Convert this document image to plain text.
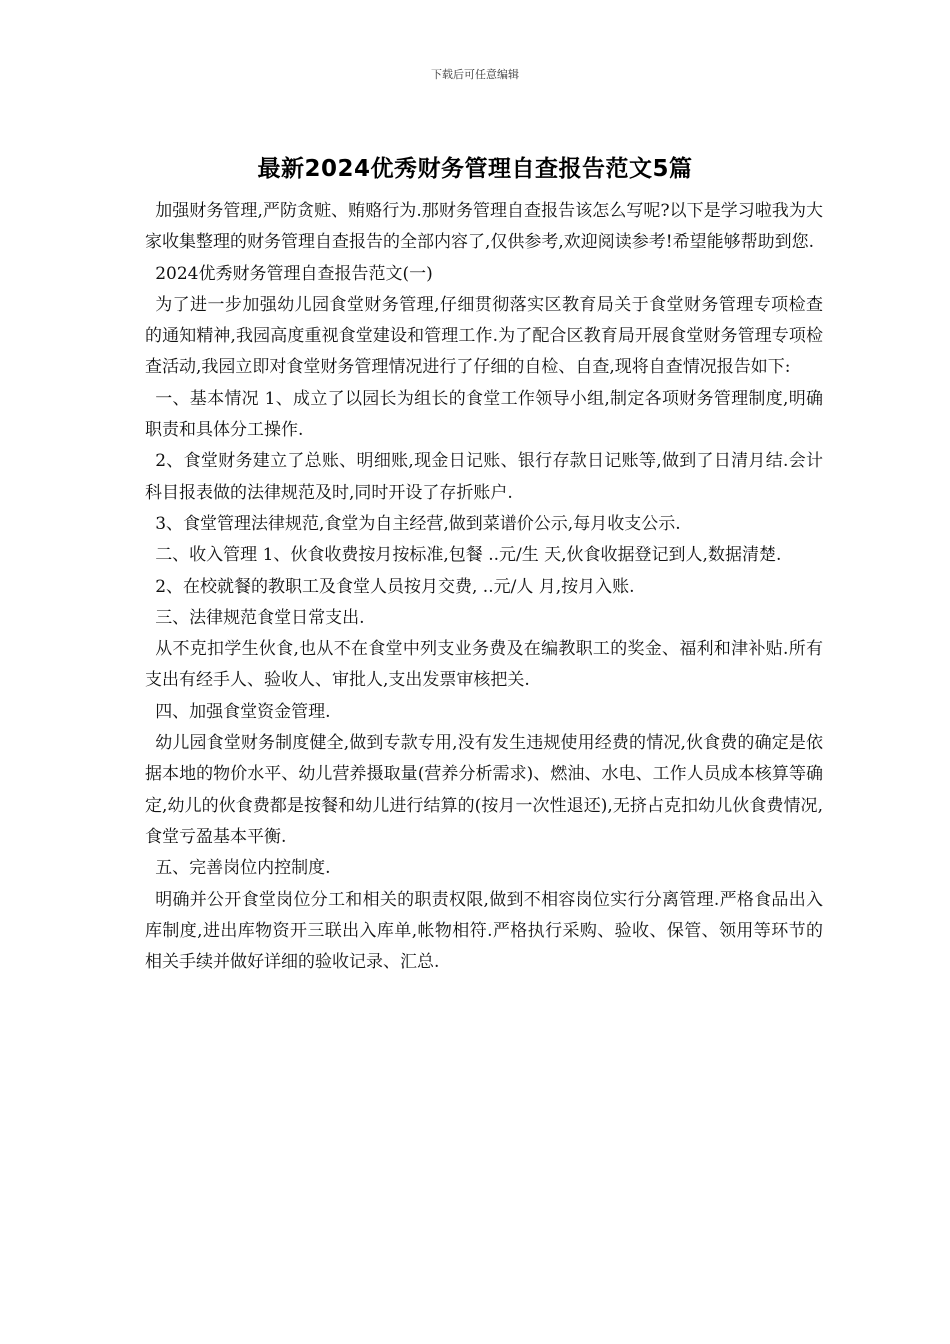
下载后可任意编辑
最新2024优秀财务管理自查报告范文5篇

加强财务管理,严防贪赃、贿赂行为.那财务管理自查报告该怎么写呢?以下是学习啦我为大家收集整理的财务管理自查报告的全部内容了,仅供参考,欢迎阅读参考!希望能够帮助到您.

2024优秀财务管理自查报告范文(一)

为了进一步加强幼儿园食堂财务管理,仔细贯彻落实区教育局关于食堂财务管理专项检查的通知精神,我园高度重视食堂建设和管理工作.为了配合区教育局开展食堂财务管理专项检查活动,我园立即对食堂财务管理情况进行了仔细的自检、自查,现将自查情况报告如下:

一、基本情况 1、成立了以园长为组长的食堂工作领导小组,制定各项财务管理制度,明确职责和具体分工操作.

2、食堂财务建立了总账、明细账,现金日记账、银行存款日记账等,做到了日清月结.会计科目报表做的法律规范及时,同时开设了存折账户.

3、食堂管理法律规范,食堂为自主经营,做到菜谱价公示,每月收支公示.

二、收入管理 1、伙食收费按月按标准,包餐 ..元/生 天,伙食收据登记到人,数据清楚.

2、在校就餐的教职工及食堂人员按月交费, ..元/人 月,按月入账.

三、法律规范食堂日常支出.

从不克扣学生伙食,也从不在食堂中列支业务费及在编教职工的奖金、福利和津补贴.所有支出有经手人、验收人、审批人,支出发票审核把关.

四、加强食堂资金管理.

幼儿园食堂财务制度健全,做到专款专用,没有发生违规使用经费的情况,伙食费的确定是依据本地的物价水平、幼儿营养摄取量(营养分析需求)、燃油、水电、工作人员成本核算等确定,幼儿的伙食费都是按餐和幼儿进行结算的(按月一次性退还),无挤占克扣幼儿伙食费情况,食堂亏盈基本平衡.

五、完善岗位内控制度.

明确并公开食堂岗位分工和相关的职责权限,做到不相容岗位实行分离管理.严格食品出入库制度,进出库物资开三联出入库单,帐物相符.严格执行采购、验收、保管、领用等环节的相关手续并做好详细的验收记录、汇总.
